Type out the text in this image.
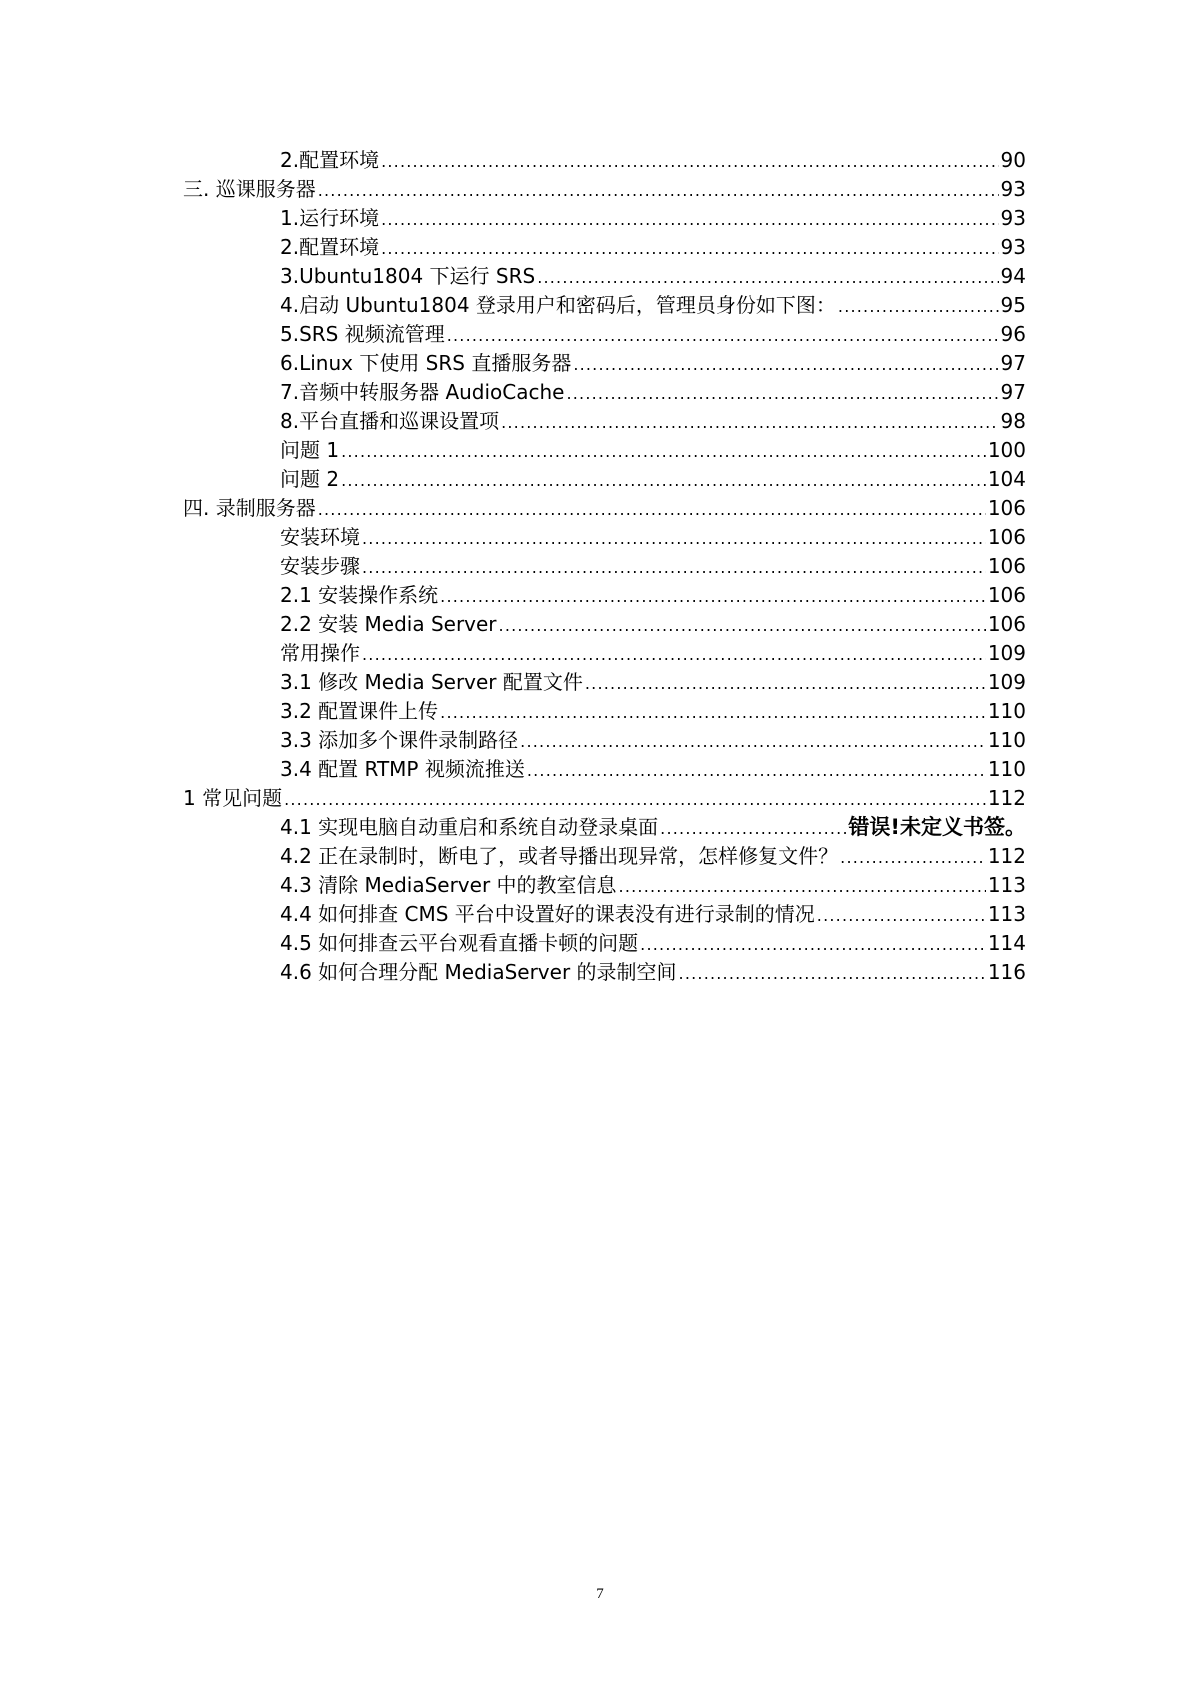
2.配置环境 .....	90
三. 巡课服务器 .....	93
1.运行环境 .....	93
2.配置环境 .....	93
3.Ubuntu1804 下运行 SRS .....	94
4.启动 Ubuntu1804 登录用户和密码后，管理员身份如下图： .....	95
5.SRS 视频流管理 .....	96
6.Linux 下使用 SRS 直播服务器 .....	97
7.音频中转服务器 AudioCache .....	97
8.平台直播和巡课设置项 .....	98
问题 1 .....	100
问题 2 .....	104
四. 录制服务器 .....	106
安装环境 .....	106
安装步骤 .....	106
2.1 安装操作系统 .....	106
2.2 安装 Media Server .....	106
常用操作 .....	109
3.1 修改 Media Server 配置文件 .....	109
3.2 配置课件上传 .....	110
3.3 添加多个课件录制路径 .....	110
3.4 配置 RTMP 视频流推送 .....	110
1 常见问题 .....	112
4.1 实现电脑自动重启和系统自动登录桌面 .....	错误!未定义书签。
4.2 正在录制时，断电了，或者导播出现异常，怎样修复文件？ .....	112
4.3 清除 MediaServer 中的教室信息 .....	113
4.4 如何排查 CMS 平台中设置好的课表没有进行录制的情况 .....	113
4.5 如何排查云平台观看直播卡顿的问题 .....	114
4.6 如何合理分配 MediaServer 的录制空间 .....	116
7
